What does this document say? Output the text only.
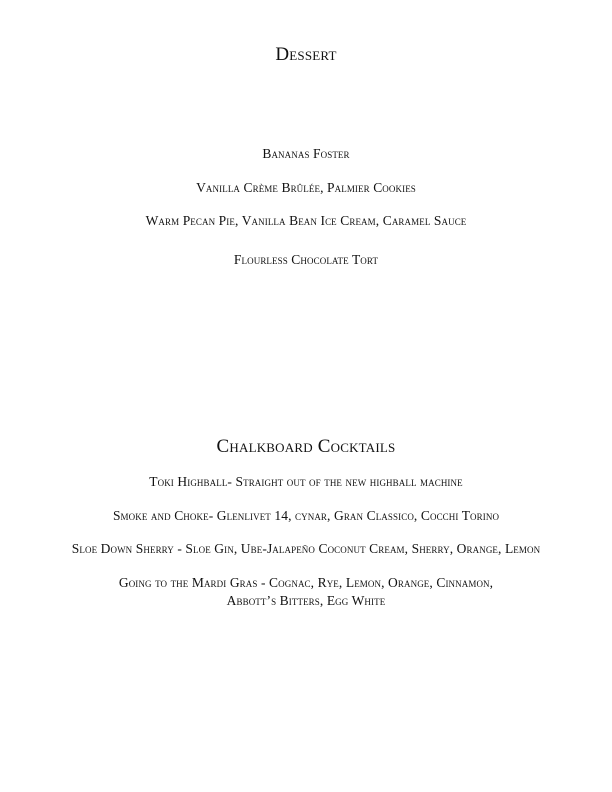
Dessert

Bananas Foster

Vanilla Crème Brûlée, Palmier Cookies

Warm Pecan Pie, Vanilla Bean Ice Cream, Caramel Sauce

Flourless Chocolate Tort

Chalkboard Cocktails

Toki Highball- Straight out of the new highball machine

Smoke and Choke- Glenlivet 14, cynar, Gran Classico, Cocchi Torino

Sloe Down Sherry - Sloe Gin, Ube-Jalapeño Coconut Cream, Sherry, Orange, Lemon

Going to the Mardi Gras - Cognac, Rye, Lemon, Orange, Cinnamon,
Abbott’s Bitters, Egg White
